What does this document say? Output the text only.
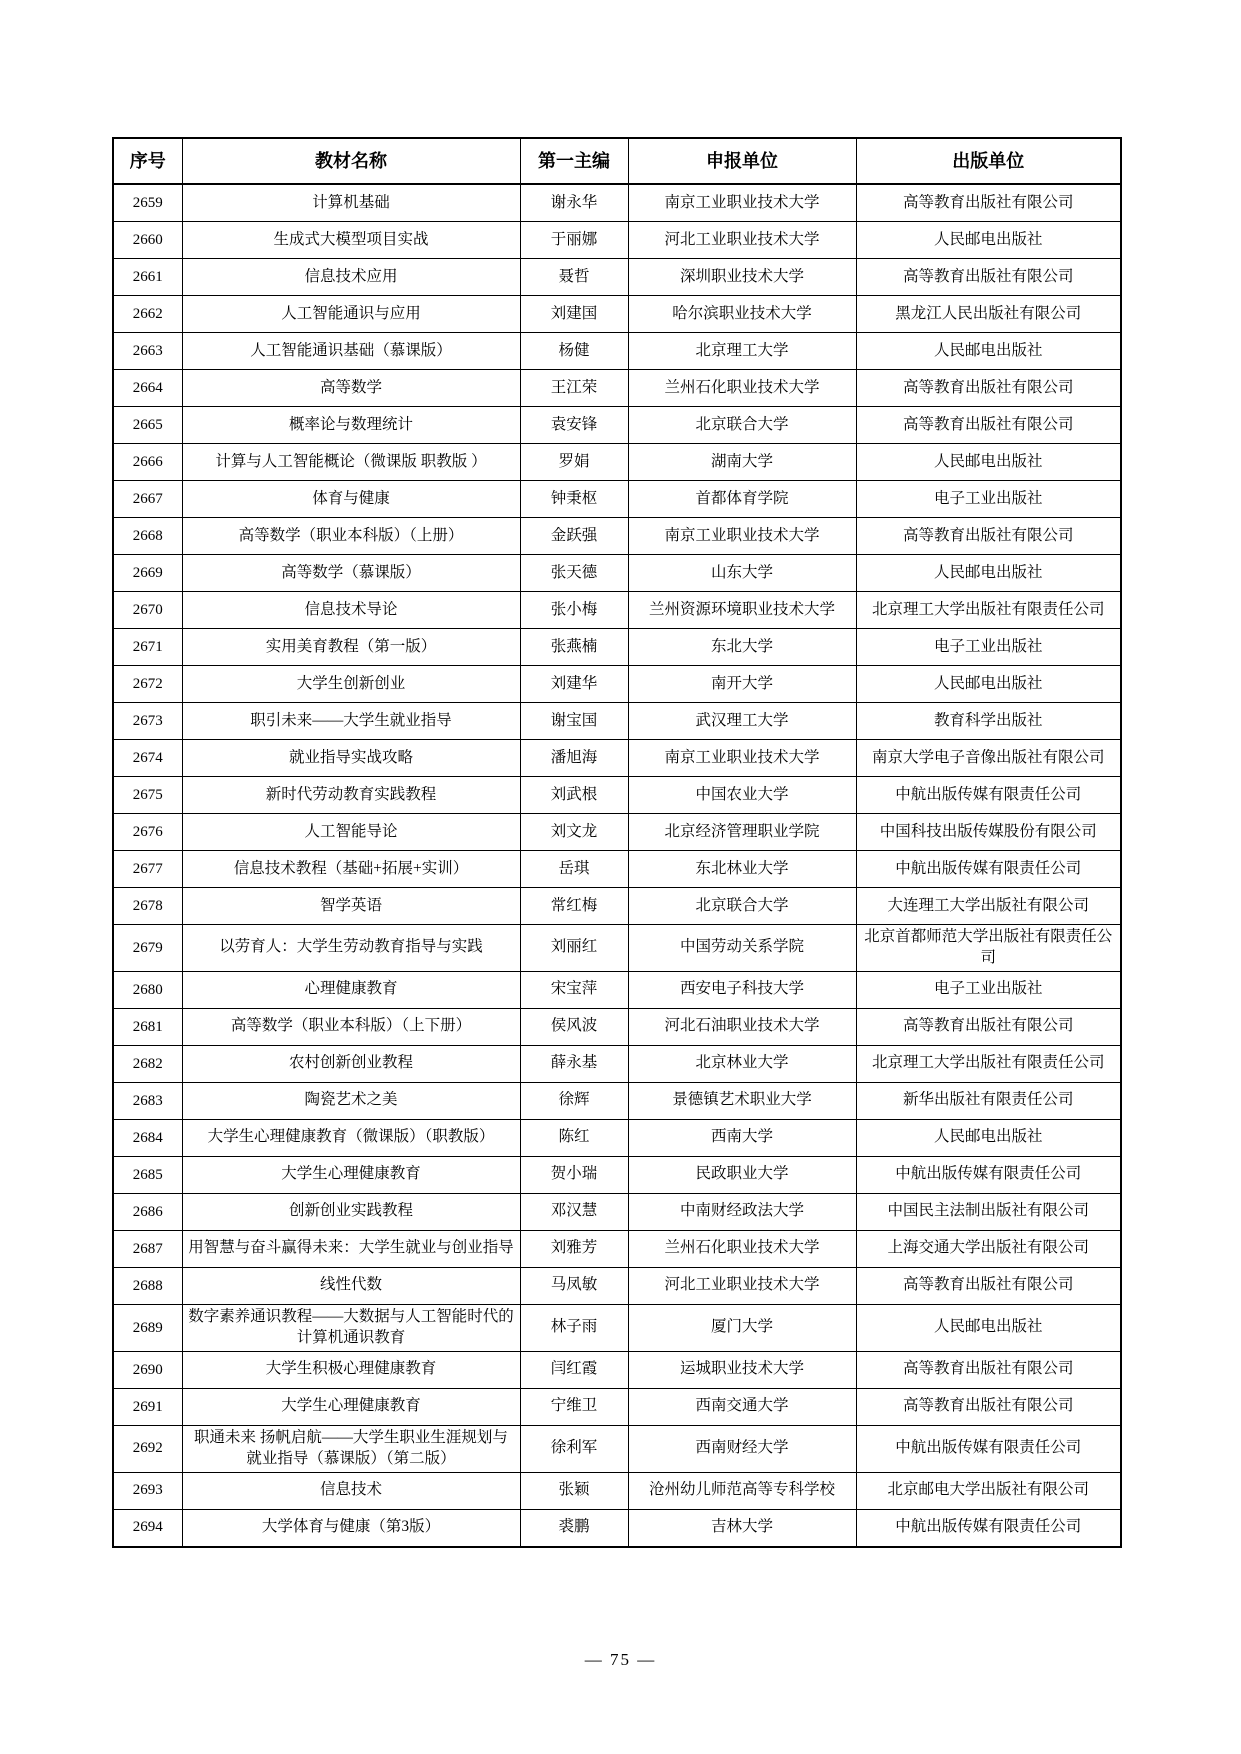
序号	教材名称	第一主编	申报单位	出版单位
2659	计算机基础	谢永华	南京工业职业技术大学	高等教育出版社有限公司
2660	生成式大模型项目实战	于丽娜	河北工业职业技术大学	人民邮电出版社
2661	信息技术应用	聂哲	深圳职业技术大学	高等教育出版社有限公司
2662	人工智能通识与应用	刘建国	哈尔滨职业技术大学	黑龙江人民出版社有限公司
2663	人工智能通识基础（慕课版）	杨健	北京理工大学	人民邮电出版社
2664	高等数学	王江荣	兰州石化职业技术大学	高等教育出版社有限公司
2665	概率论与数理统计	袁安锋	北京联合大学	高等教育出版社有限公司
2666	计算与人工智能概论（微课版 职教版 ）	罗娟	湖南大学	人民邮电出版社
2667	体育与健康	钟秉枢	首都体育学院	电子工业出版社
2668	高等数学（职业本科版）（上册）	金跃强	南京工业职业技术大学	高等教育出版社有限公司
2669	高等数学（慕课版）	张天德	山东大学	人民邮电出版社
2670	信息技术导论	张小梅	兰州资源环境职业技术大学	北京理工大学出版社有限责任公司
2671	实用美育教程（第一版）	张燕楠	东北大学	电子工业出版社
2672	大学生创新创业	刘建华	南开大学	人民邮电出版社
2673	职引未来——大学生就业指导	谢宝国	武汉理工大学	教育科学出版社
2674	就业指导实战攻略	潘旭海	南京工业职业技术大学	南京大学电子音像出版社有限公司
2675	新时代劳动教育实践教程	刘武根	中国农业大学	中航出版传媒有限责任公司
2676	人工智能导论	刘文龙	北京经济管理职业学院	中国科技出版传媒股份有限公司
2677	信息技术教程（基础+拓展+实训）	岳琪	东北林业大学	中航出版传媒有限责任公司
2678	智学英语	常红梅	北京联合大学	大连理工大学出版社有限公司
2679	以劳育人：大学生劳动教育指导与实践	刘丽红	中国劳动关系学院	北京首都师范大学出版社有限责任公司
2680	心理健康教育	宋宝萍	西安电子科技大学	电子工业出版社
2681	高等数学（职业本科版）（上下册）	侯风波	河北石油职业技术大学	高等教育出版社有限公司
2682	农村创新创业教程	薛永基	北京林业大学	北京理工大学出版社有限责任公司
2683	陶瓷艺术之美	徐辉	景德镇艺术职业大学	新华出版社有限责任公司
2684	大学生心理健康教育（微课版）（职教版）	陈红	西南大学	人民邮电出版社
2685	大学生心理健康教育	贺小瑞	民政职业大学	中航出版传媒有限责任公司
2686	创新创业实践教程	邓汉慧	中南财经政法大学	中国民主法制出版社有限公司
2687	用智慧与奋斗赢得未来：大学生就业与创业指导	刘雅芳	兰州石化职业技术大学	上海交通大学出版社有限公司
2688	线性代数	马凤敏	河北工业职业技术大学	高等教育出版社有限公司
2689	数字素养通识教程——大数据与人工智能时代的计算机通识教育	林子雨	厦门大学	人民邮电出版社
2690	大学生积极心理健康教育	闫红霞	运城职业技术大学	高等教育出版社有限公司
2691	大学生心理健康教育	宁维卫	西南交通大学	高等教育出版社有限公司
2692	职通未来 扬帆启航——大学生职业生涯规划与就业指导（慕课版）（第二版）	徐利军	西南财经大学	中航出版传媒有限责任公司
2693	信息技术	张颖	沧州幼儿师范高等专科学校	北京邮电大学出版社有限公司
2694	大学体育与健康（第3版）	裘鹏	吉林大学	中航出版传媒有限责任公司
— 75 —
